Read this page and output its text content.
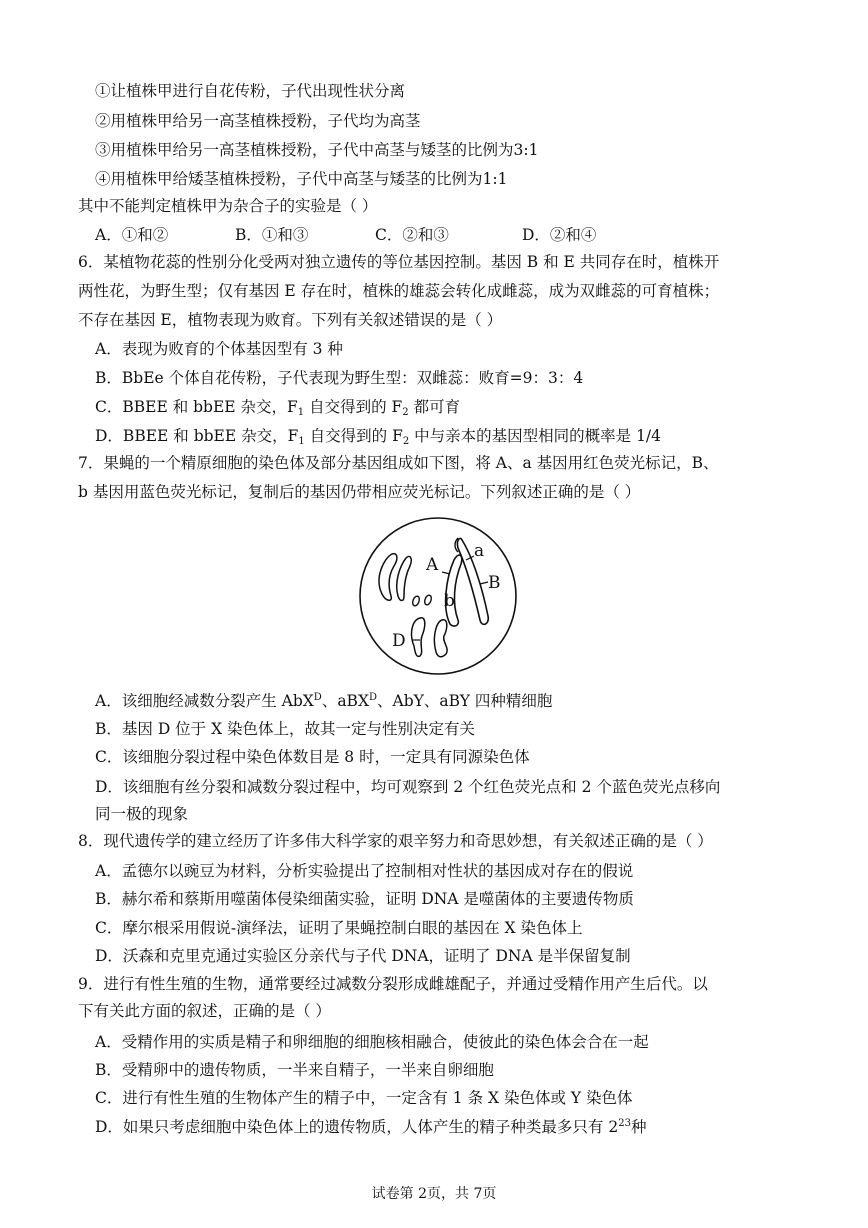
①让植株甲进行自花传粉，子代出现性状分离
②用植株甲给另一高茎植株授粉，子代均为高茎
③用植株甲给另一高茎植株授粉，子代中高茎与矮茎的比例为3:1
④用植株甲给矮茎植株授粉，子代中高茎与矮茎的比例为1:1
其中不能判定植株甲为杂合子的实验是（ ）
A．①和②	B．①和③	C．②和③	D．②和④
6．某植物花蕊的性别分化受两对独立遗传的等位基因控制。基因 B 和 E 共同存在时，植株开
两性花，为野生型；仅有基因 E 存在时，植株的雄蕊会转化成雌蕊，成为双雌蕊的可育植株；
不存在基因 E，植物表现为败育。下列有关叙述错误的是（ ）
A．表现为败育的个体基因型有 3 种
B．BbEe 个体自花传粉，子代表现为野生型：双雌蕊：败育=9：3：4
C．BBEE 和 bbEE 杂交，$F_1$ 自交得到的 $F_2$ 都可育
D．BBEE 和 bbEE 杂交，$F_1$ 自交得到的 $F_2$ 中与亲本的基因型相同的概率是 1/4
7．果蝇的一个精原细胞的染色体及部分基因组成如下图，将 A、a 基因用红色荧光标记，B、
b 基因用蓝色荧光标记，复制后的基因仍带相应荧光标记。下列叙述正确的是（ ）
A
a
B
b
D
A．该细胞经减数分裂产生 AbX$^D$、aBX$^D$、AbY、aBY 四种精细胞
B．基因 D 位于 X 染色体上，故其一定与性别决定有关
C．该细胞分裂过程中染色体数目是 8 时，一定具有同源染色体
D．该细胞有丝分裂和减数分裂过程中，均可观察到 2 个红色荧光点和 2 个蓝色荧光点移向
同一极的现象
8．现代遗传学的建立经历了许多伟大科学家的艰辛努力和奇思妙想，有关叙述正确的是（ ）
A．孟德尔以豌豆为材料，分析实验提出了控制相对性状的基因成对存在的假说
B．赫尔希和蔡斯用噬菌体侵染细菌实验，证明 DNA 是噬菌体的主要遗传物质
C．摩尔根采用假说-演绎法，证明了果蝇控制白眼的基因在 X 染色体上
D．沃森和克里克通过实验区分亲代与子代 DNA，证明了 DNA 是半保留复制
9．进行有性生殖的生物，通常要经过减数分裂形成雌雄配子，并通过受精作用产生后代。以
下有关此方面的叙述，正确的是（ ）
A．受精作用的实质是精子和卵细胞的细胞核相融合，使彼此的染色体会合在一起
B．受精卵中的遗传物质，一半来自精子，一半来自卵细胞
C．进行有性生殖的生物体产生的精子中，一定含有 1 条 X 染色体或 Y 染色体
D．如果只考虑细胞中染色体上的遗传物质，人体产生的精子种类最多只有 $2^{23}$种
试卷第 2页，共 7页
